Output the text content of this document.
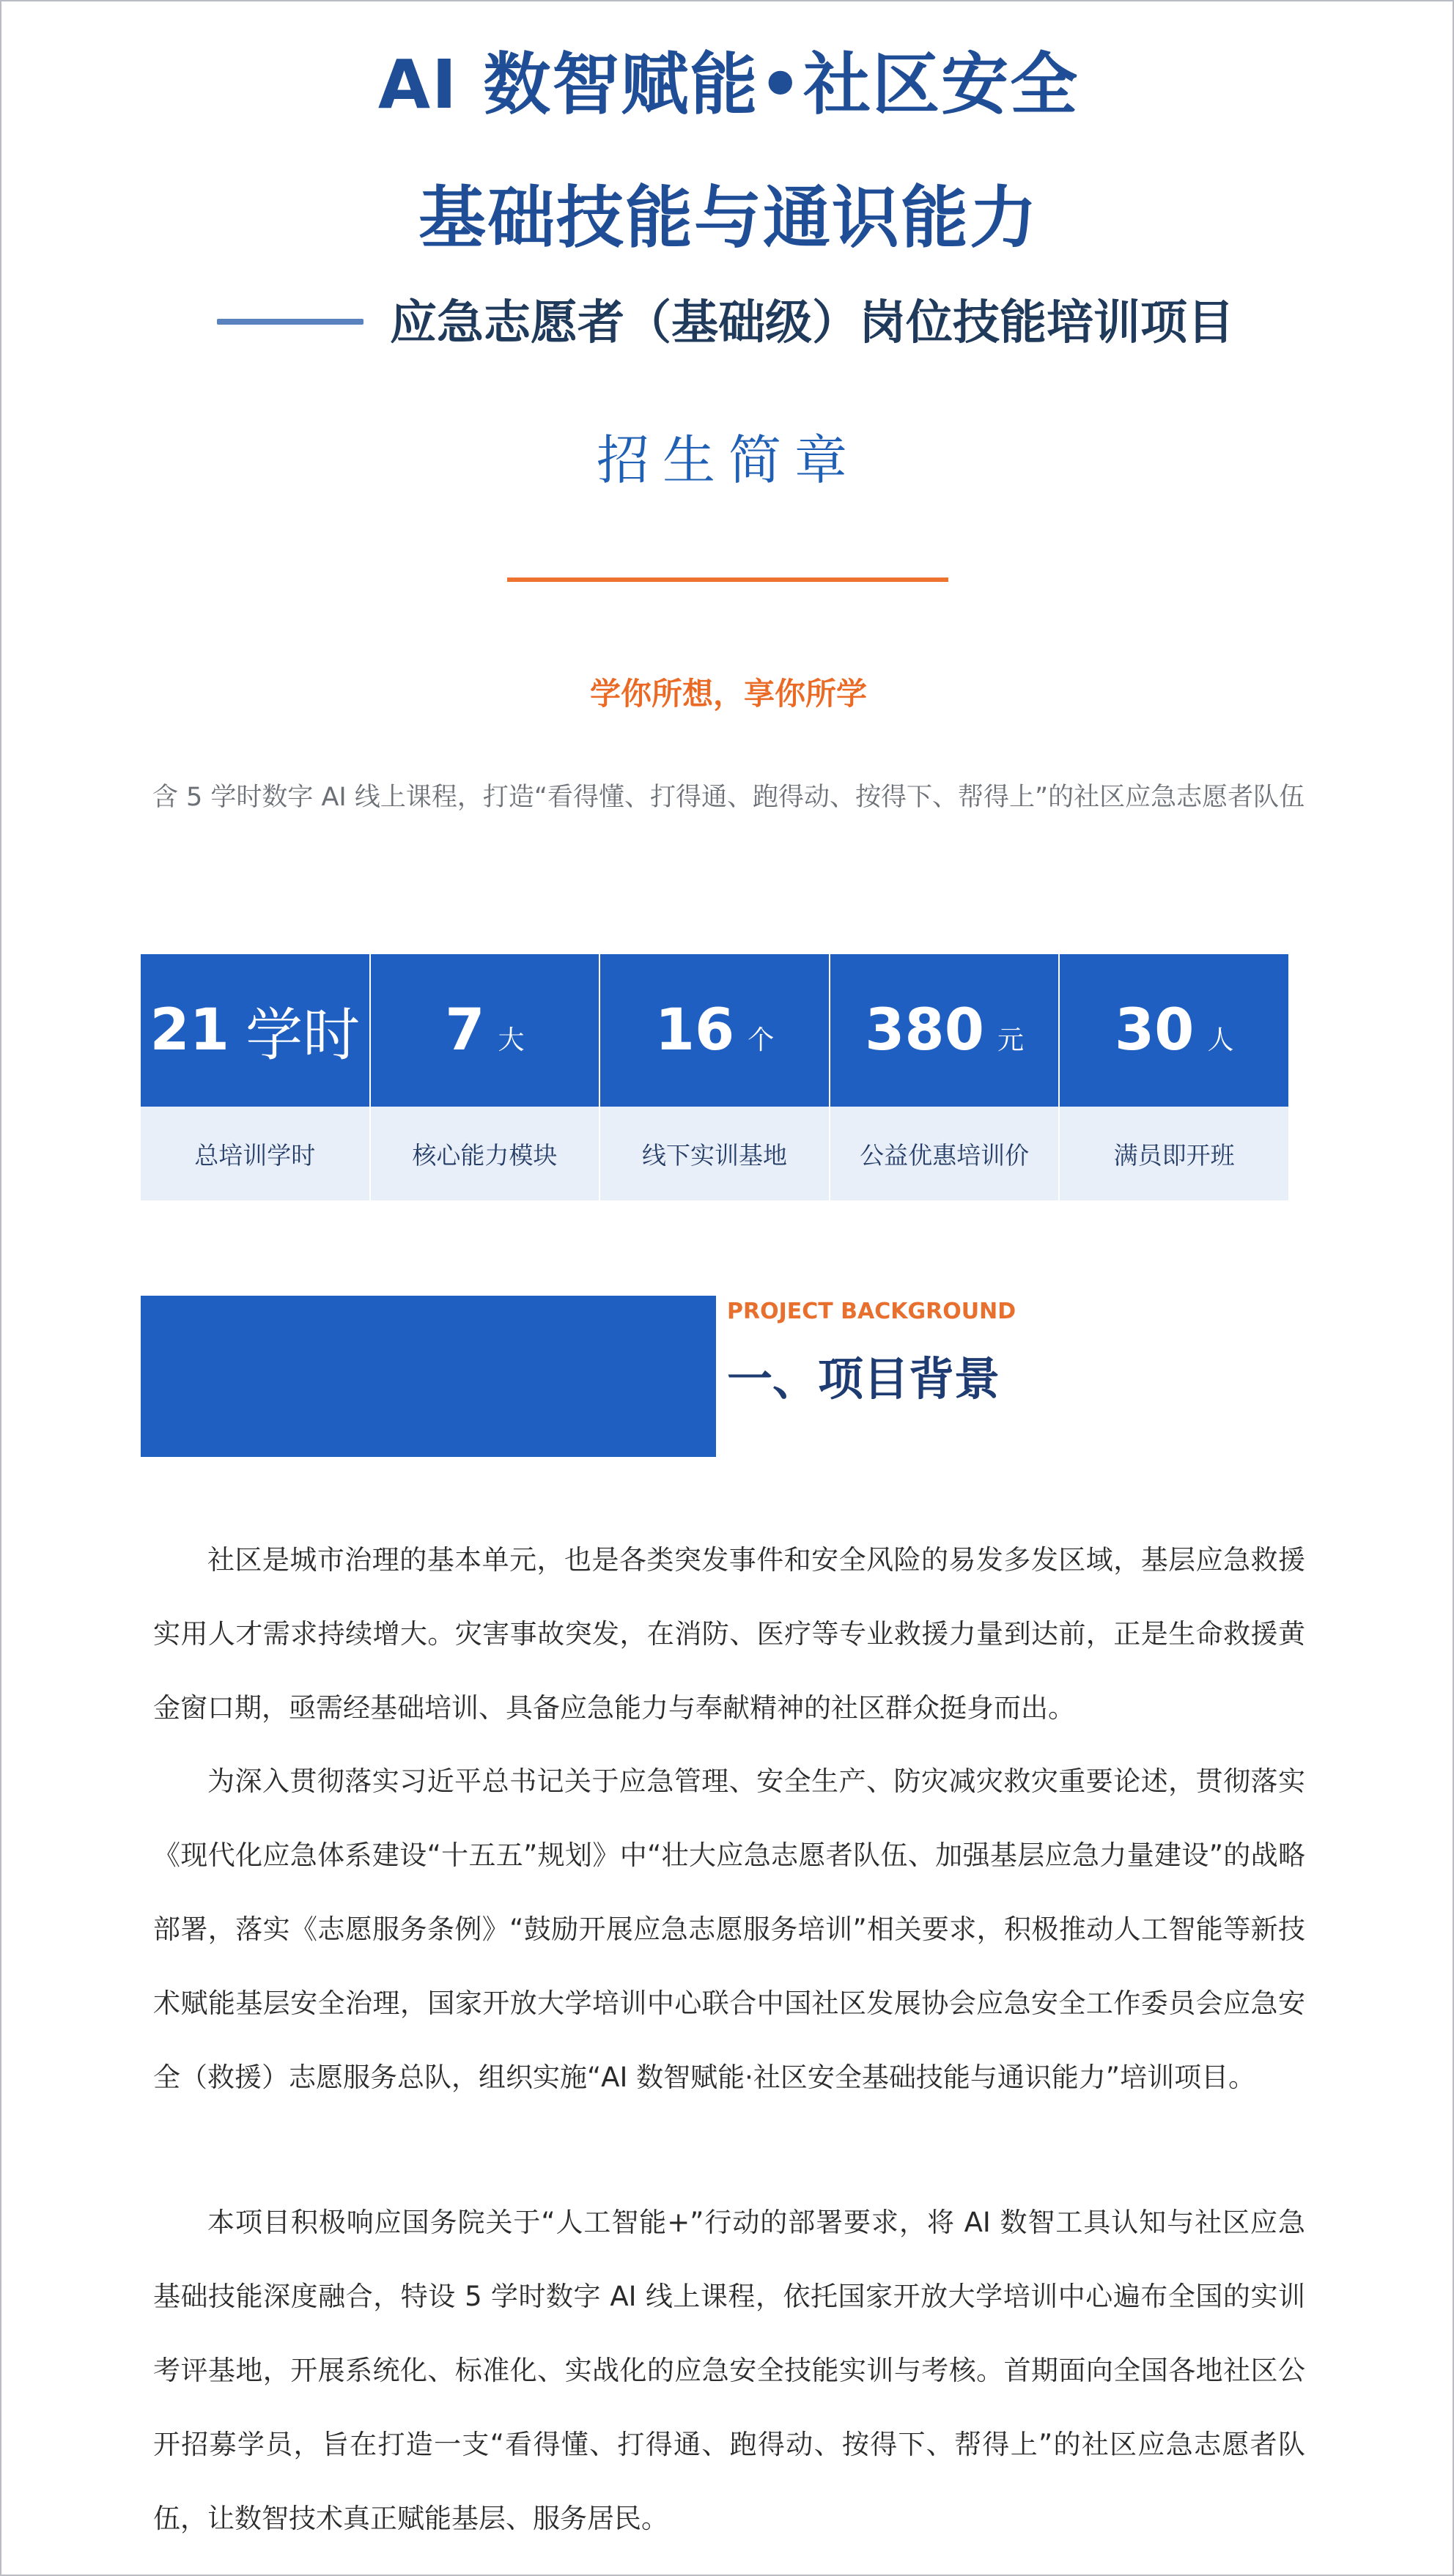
AI 数智赋能•社区安全
基础技能与通识能力
应急志愿者（基础级）岗位技能培训项目
招生简章
学你所想，享你所学
含 5 学时数字 AI 线上课程，打造“看得懂、打得通、跑得动、按得下、帮得上”的社区应急志愿者队伍
21 学时
总培训学时
7 大
核心能力模块
16 个
线下实训基地
380 元
公益优惠培训价
30 人
满员即开班
PROJECT BACKGROUND
一、项目背景

社区是城市治理的基本单元，也是各类突发事件和安全风险的易发多发区域，基层应急救援实用人才需求持续增大。灾害事故突发，在消防、医疗等专业救援力量到达前，正是生命救援黄金窗口期，亟需经基础培训、具备应急能力与奉献精神的社区群众挺身而出。

为深入贯彻落实习近平总书记关于应急管理、安全生产、防灾减灾救灾重要论述，贯彻落实《现代化应急体系建设“十五五”规划》中“壮大应急志愿者队伍、加强基层应急力量建设”的战略部署，落实《志愿服务条例》“鼓励开展应急志愿服务培训”相关要求，积极推动人工智能等新技术赋能基层安全治理，国家开放大学培训中心联合中国社区发展协会应急安全工作委员会应急安全（救援）志愿服务总队，组织实施“AI 数智赋能·社区安全基础技能与通识能力”培训项目。

本项目积极响应国务院关于“人工智能+”行动的部署要求，将 AI 数智工具认知与社区应急基础技能深度融合，特设 5 学时数字 AI 线上课程，依托国家开放大学培训中心遍布全国的实训考评基地，开展系统化、标准化、实战化的应急安全技能实训与考核。首期面向全国各地社区公开招募学员，旨在打造一支“看得懂、打得通、跑得动、按得下、帮得上”的社区应急志愿者队伍，让数智技术真正赋能基层、服务居民。
